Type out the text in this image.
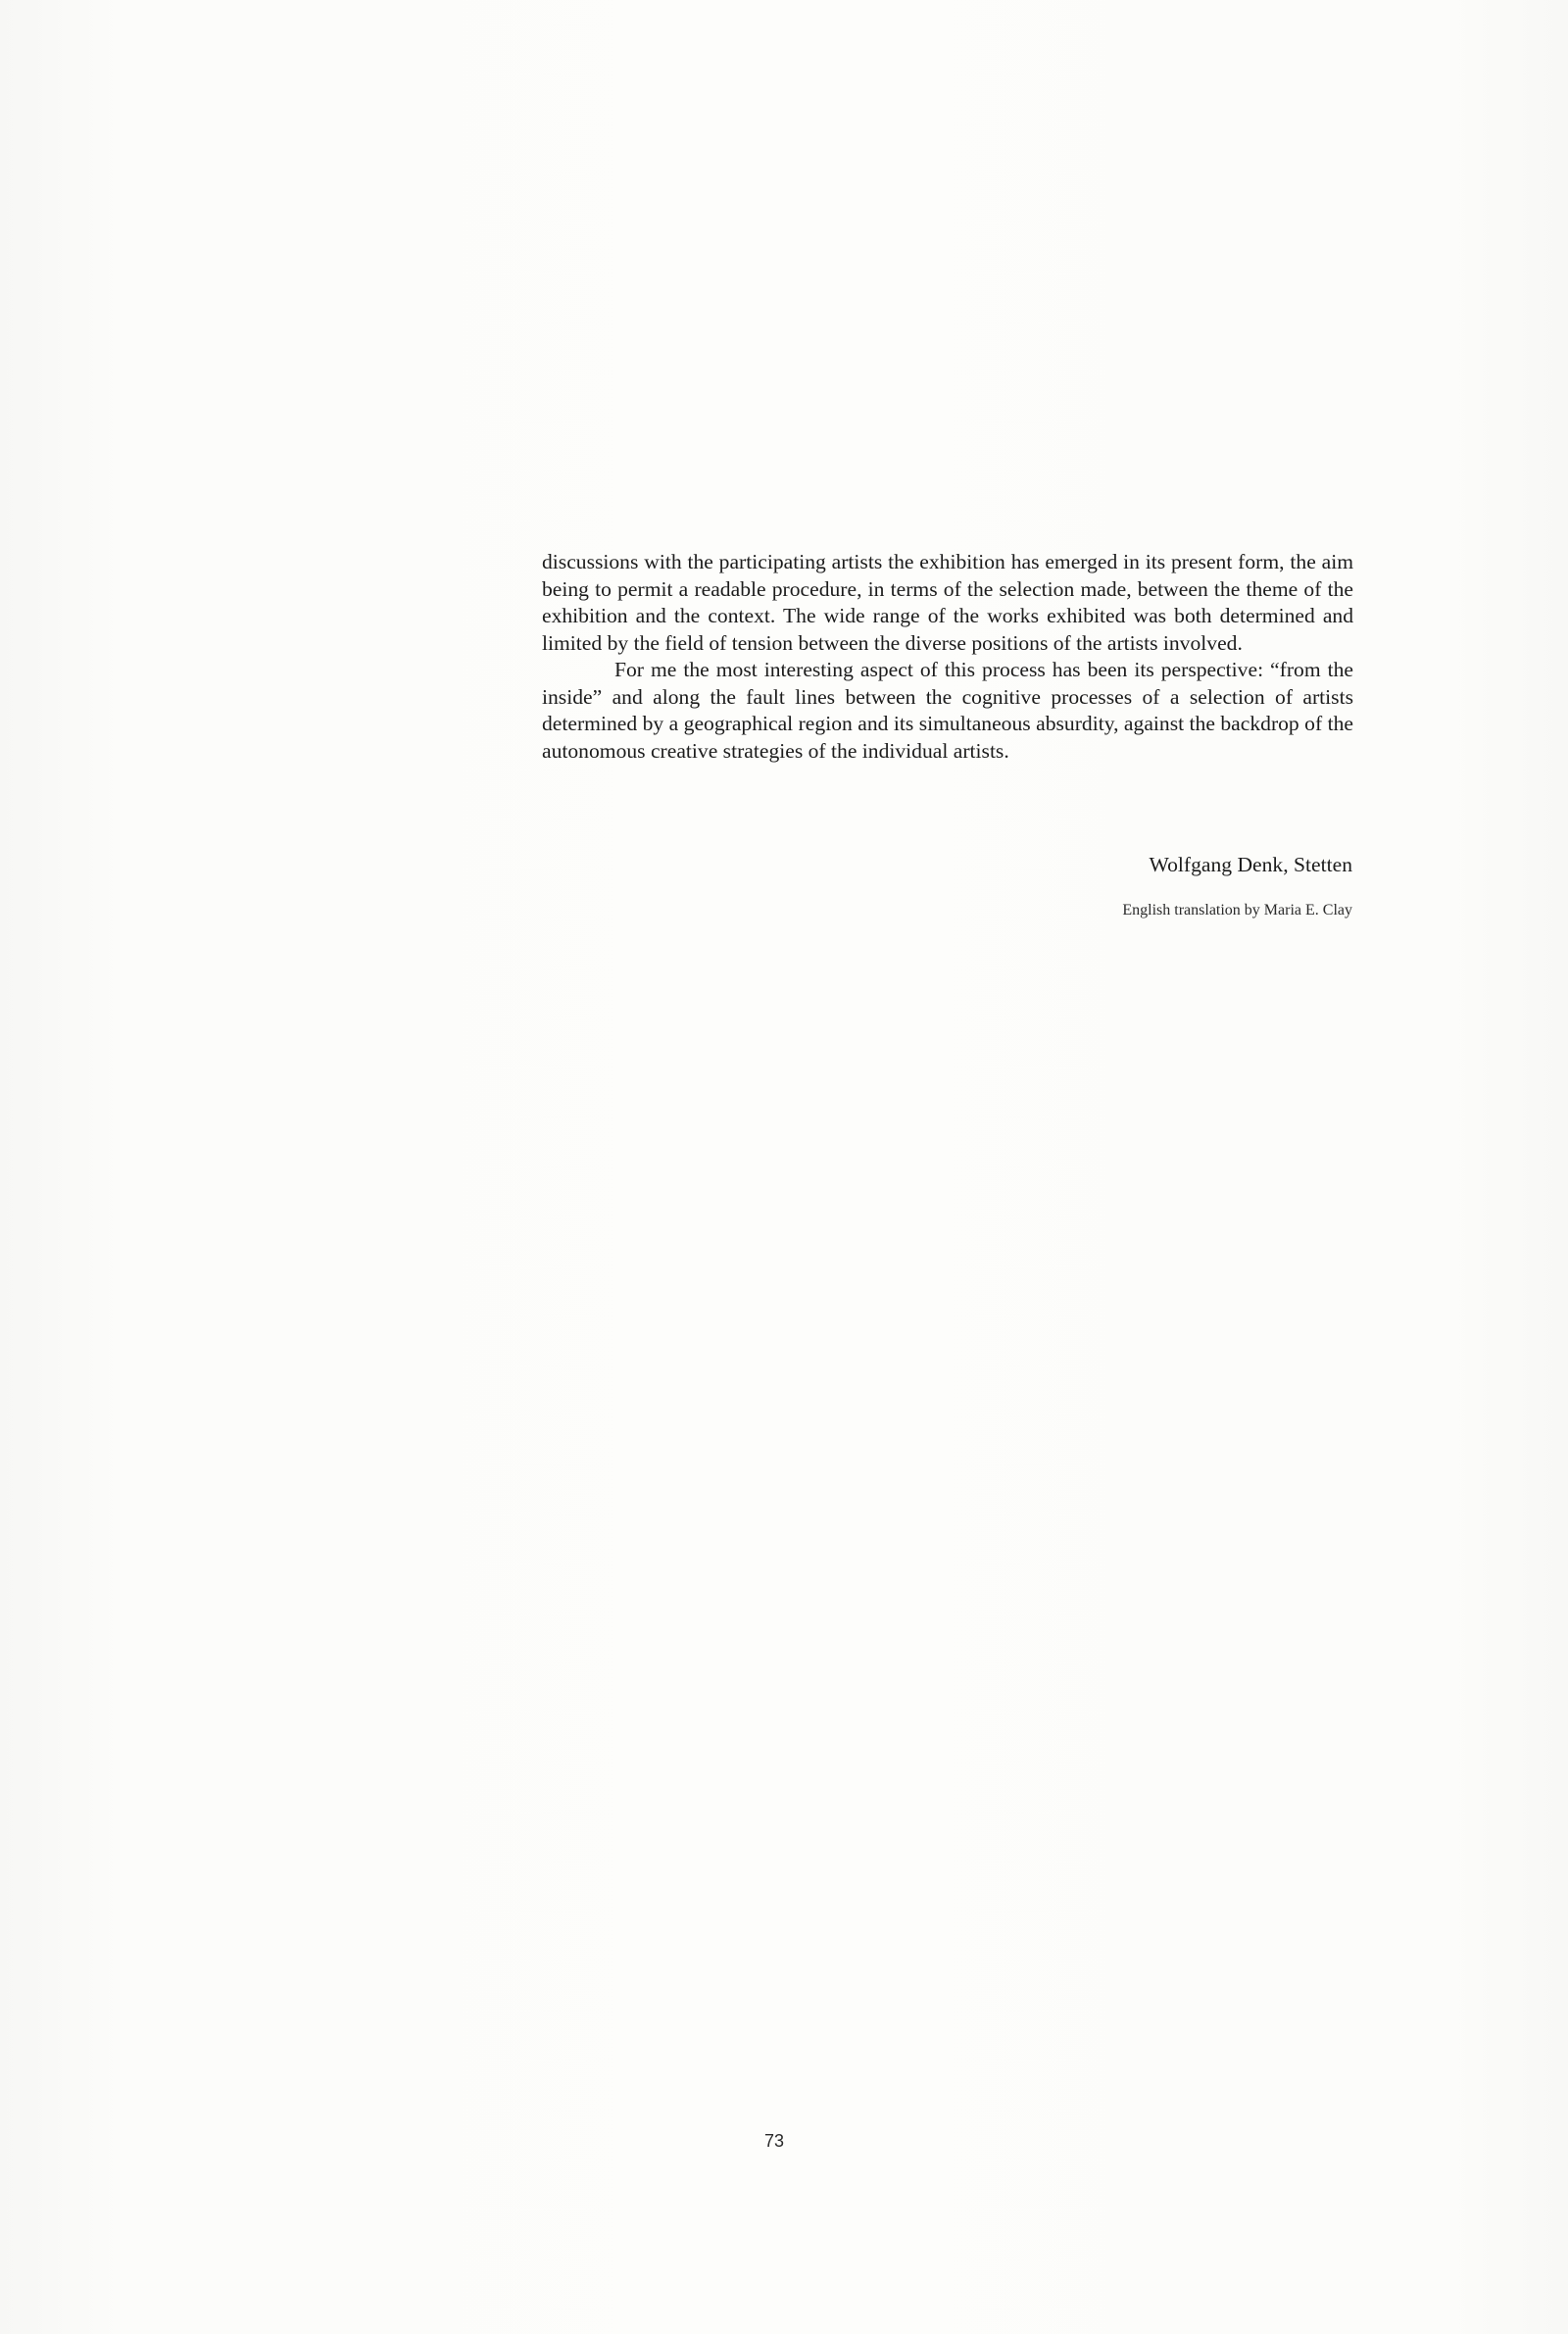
discussions with the participating artists the exhibition has emerged in its present form, the aim being to permit a readable procedure, in terms of the selection made, between the theme of the exhibition and the context. The wide range of the works exhibited was both determined and limited by the field of tension between the diverse positions of the artists involved.

For me the most interesting aspect of this process has been its perspective: “from the inside” and along the fault lines between the cognitive processes of a selection of artists determined by a geographical region and its simultaneous absurdity, against the backdrop of the autonomous creative strategies of the individual artists.

Wolfgang Denk, Stetten
English translation by Maria E. Clay
73
